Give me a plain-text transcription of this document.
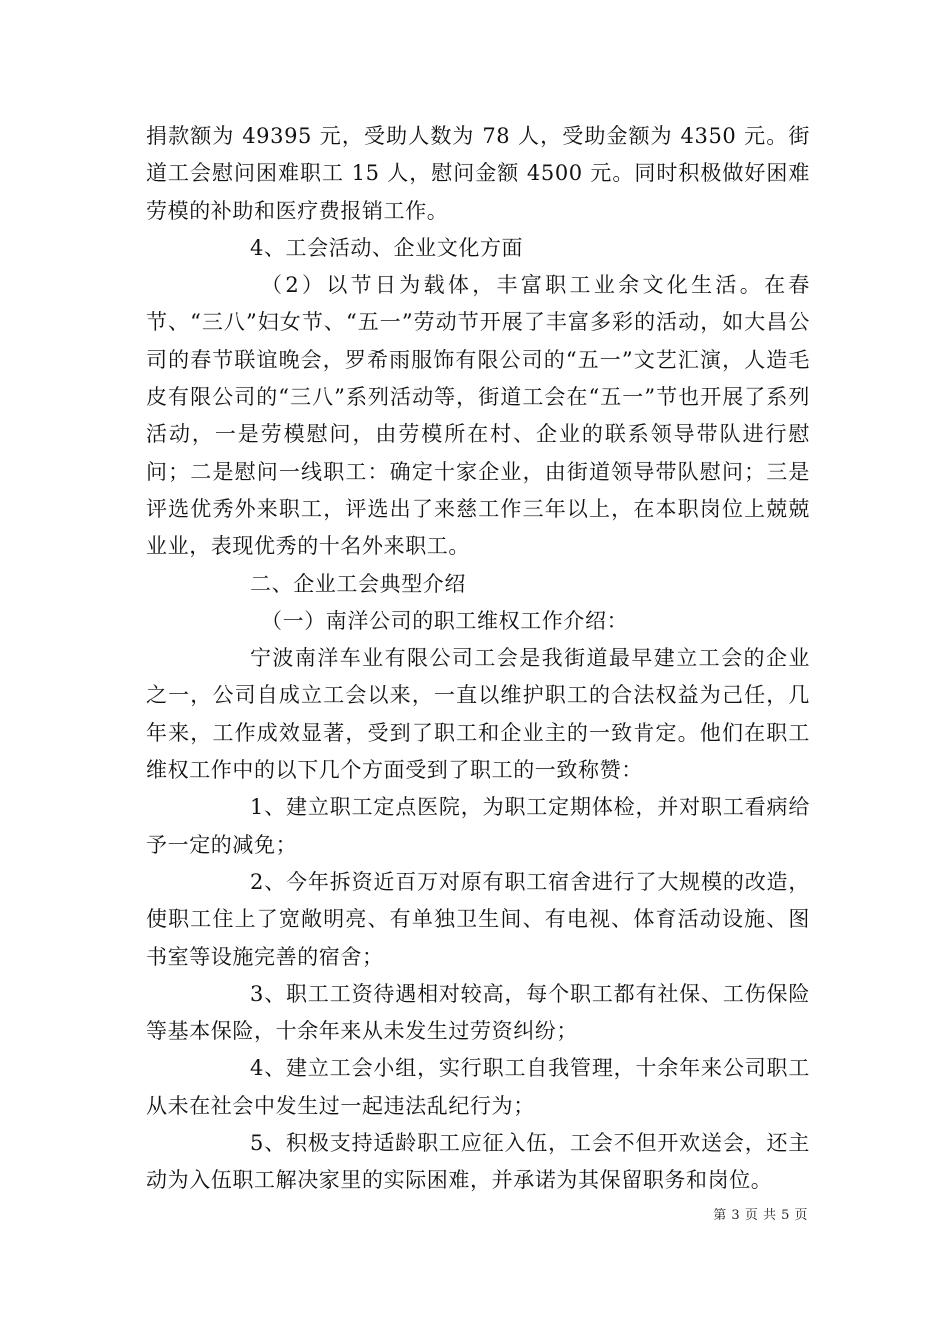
捐款额为 49395 元，受助人数为 78 人，受助金额为 4350 元。街道工会慰问困难职工 15 人，慰问金额 4500 元。同时积极做好困难劳模的补助和医疗费报销工作。

4、工会活动、企业文化方面

（2）以节日为载体，丰富职工业余文化生活。在春节、“三八”妇女节、“五一”劳动节开展了丰富多彩的活动，如大昌公司的春节联谊晚会，罗希雨服饰有限公司的“五一”文艺汇演，人造毛皮有限公司的“三八”系列活动等，街道工会在“五一”节也开展了系列活动，一是劳模慰问，由劳模所在村、企业的联系领导带队进行慰问；二是慰问一线职工：确定十家企业，由街道领导带队慰问；三是评选优秀外来职工，评选出了来慈工作三年以上，在本职岗位上兢兢业业，表现优秀的十名外来职工。

二、企业工会典型介绍

（一）南洋公司的职工维权工作介绍：

宁波南洋车业有限公司工会是我街道最早建立工会的企业之一，公司自成立工会以来，一直以维护职工的合法权益为己任，几年来，工作成效显著，受到了职工和企业主的一致肯定。他们在职工维权工作中的以下几个方面受到了职工的一致称赞：

1、建立职工定点医院，为职工定期体检，并对职工看病给予一定的减免；

2、今年拆资近百万对原有职工宿舍进行了大规模的改造，使职工住上了宽敞明亮、有单独卫生间、有电视、体育活动设施、图书室等设施完善的宿舍；

3、职工工资待遇相对较高，每个职工都有社保、工伤保险等基本保险，十余年来从未发生过劳资纠纷；

4、建立工会小组，实行职工自我管理，十余年来公司职工从未在社会中发生过一起违法乱纪行为；

5、积极支持适龄职工应征入伍，工会不但开欢送会，还主动为入伍职工解决家里的实际困难，并承诺为其保留职务和岗位。

第 3 页 共 5 页
